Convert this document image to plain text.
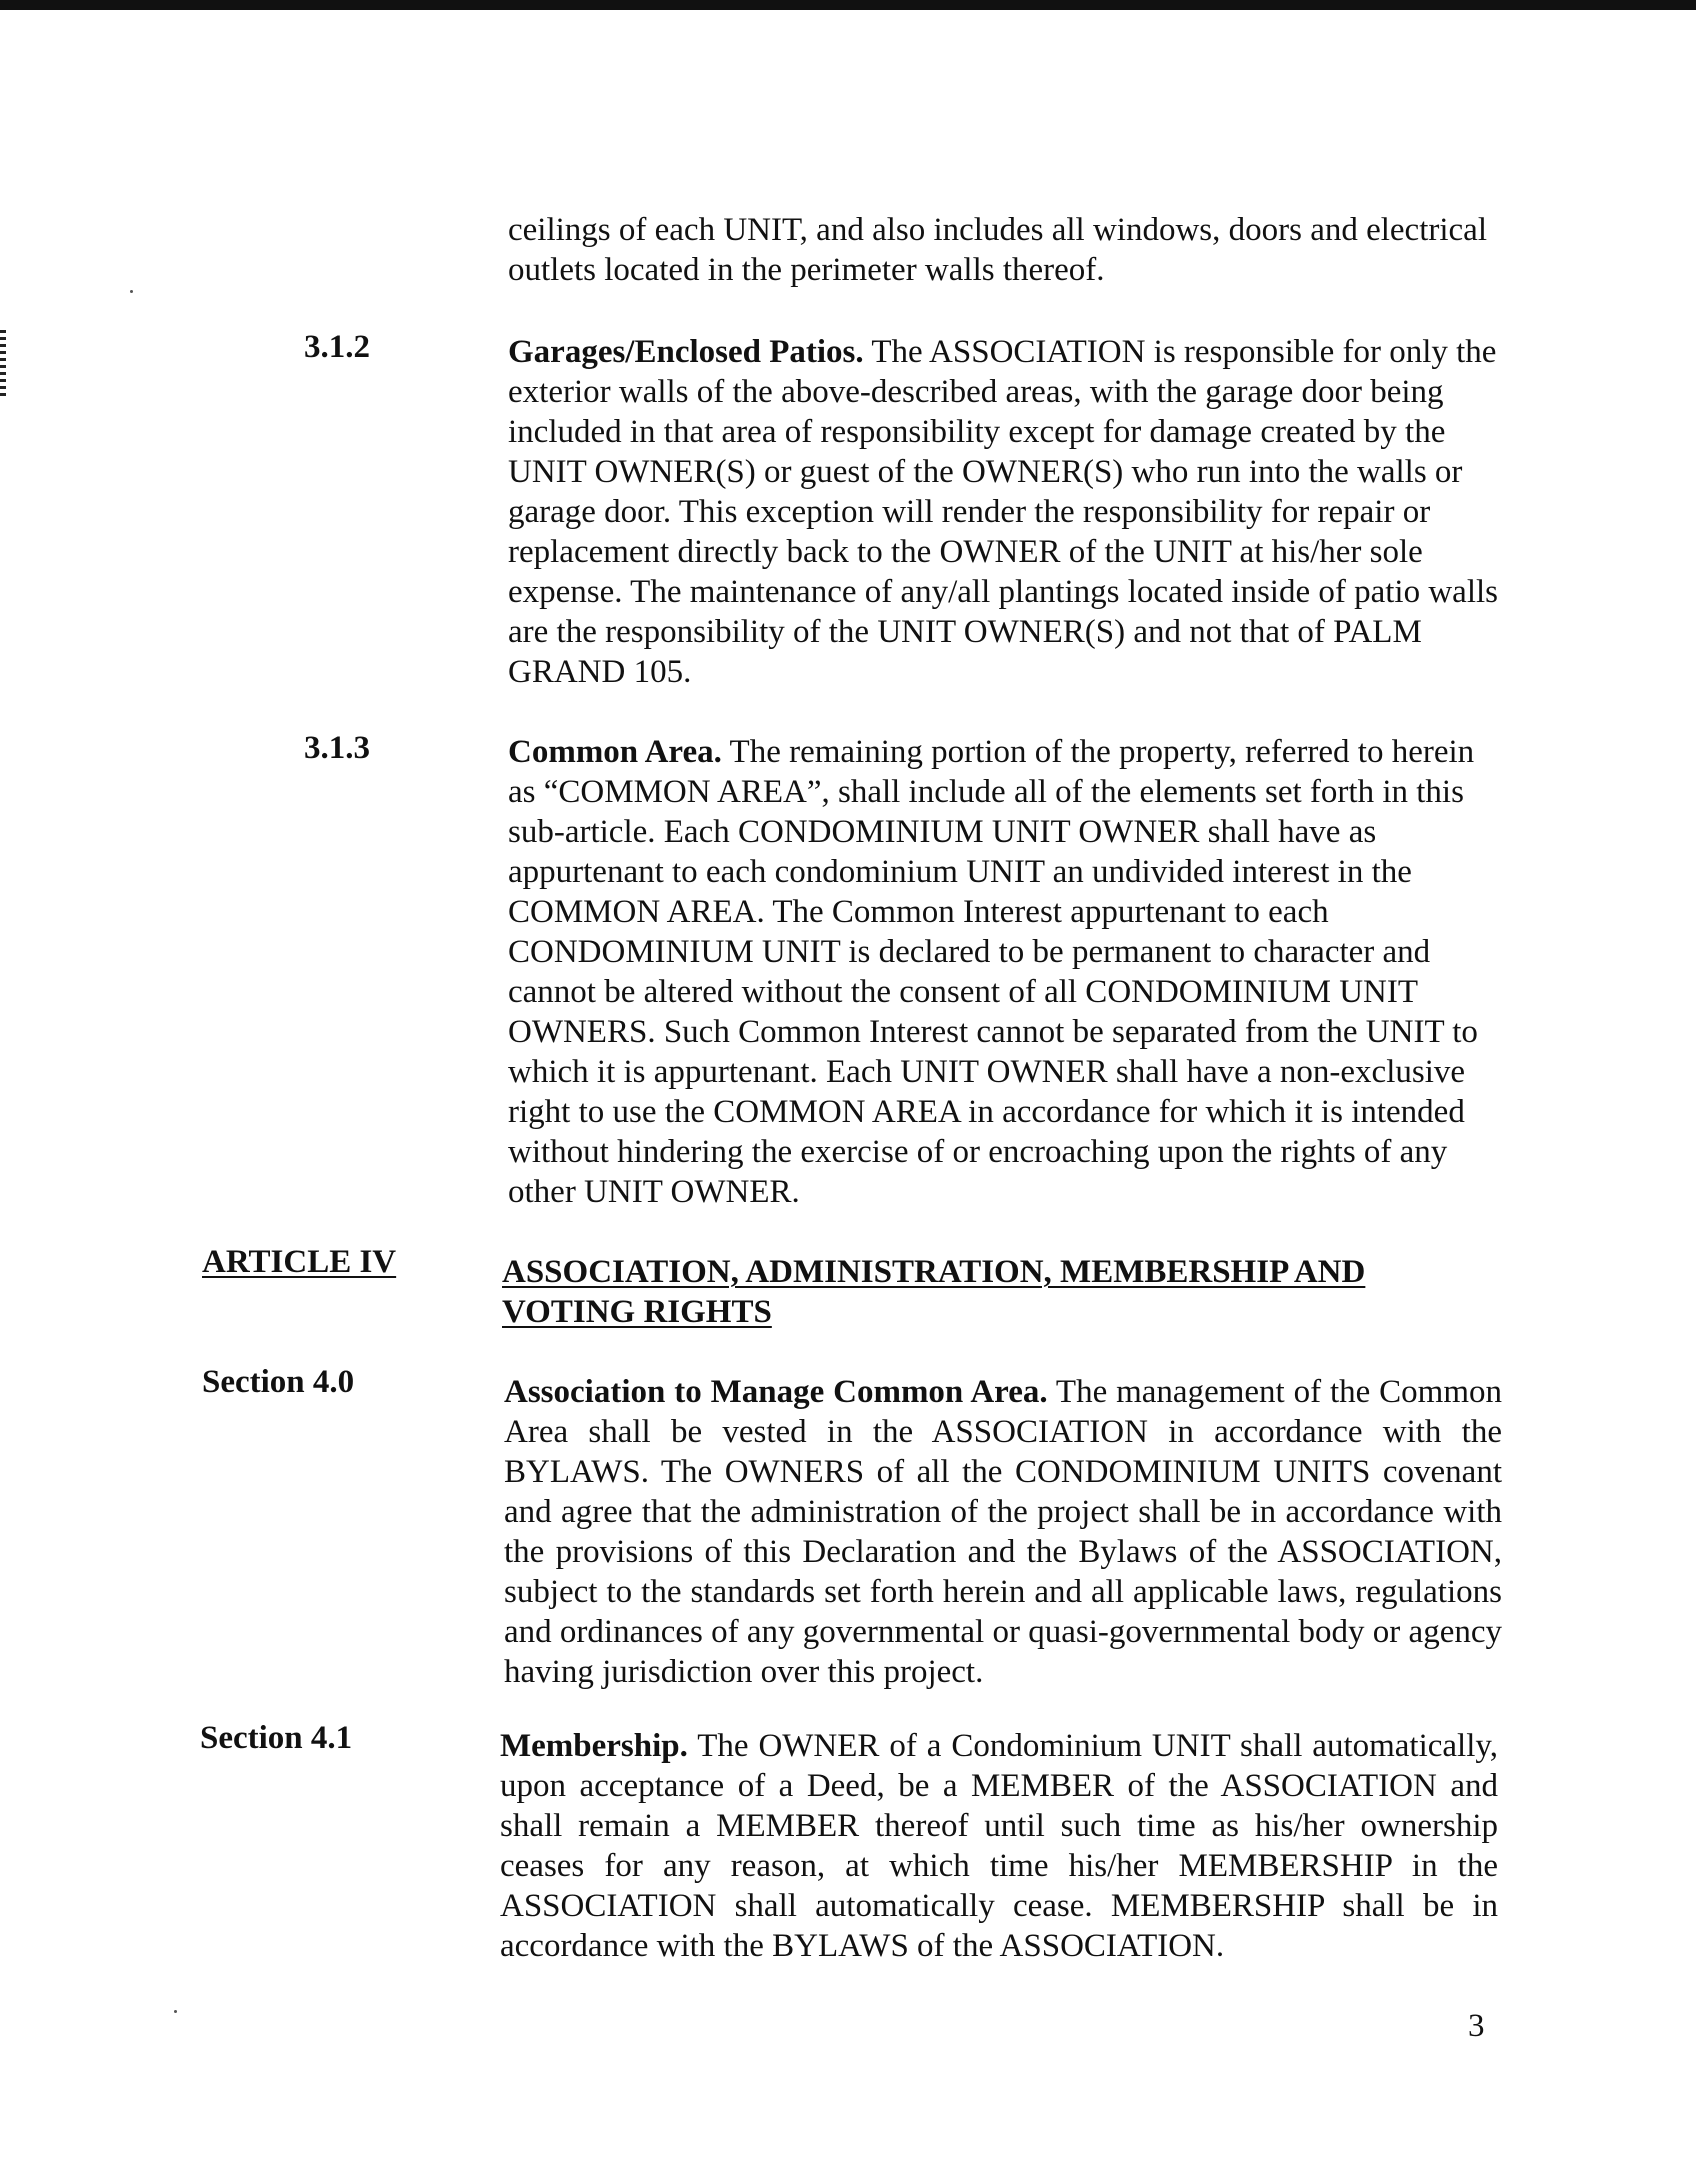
ceilings of each UNIT, and also includes all windows, doors and electrical outlets located in the perimeter walls thereof.

3.1.2	Garages/Enclosed Patios. The ASSOCIATION is responsible for only the exterior walls of the above-described areas, with the garage door being included in that area of responsibility except for damage created by the UNIT OWNER(S) or guest of the OWNER(S) who run into the walls or garage door. This exception will render the responsibility for repair or replacement directly back to the OWNER of the UNIT at his/her sole expense. The maintenance of any/all plantings located inside of patio walls are the responsibility of the UNIT OWNER(S) and not that of PALM GRAND 105.

3.1.3	Common Area. The remaining portion of the property, referred to herein as “COMMON AREA”, shall include all of the elements set forth in this sub-article. Each CONDOMINIUM UNIT OWNER shall have as appurtenant to each condominium UNIT an undivided interest in the COMMON AREA. The Common Interest appurtenant to each CONDOMINIUM UNIT is declared to be permanent to character and cannot be altered without the consent of all CONDOMINIUM UNIT OWNERS. Such Common Interest cannot be separated from the UNIT to which it is appurtenant. Each UNIT OWNER shall have a non-exclusive right to use the COMMON AREA in accordance for which it is intended without hindering the exercise of or encroaching upon the rights of any other UNIT OWNER.

ARTICLE IV	ASSOCIATION, ADMINISTRATION, MEMBERSHIP AND VOTING RIGHTS

Section 4.0	Association to Manage Common Area. The management of the Common Area shall be vested in the ASSOCIATION in accordance with the BYLAWS. The OWNERS of all the CONDOMINIUM UNITS covenant and agree that the administration of the project shall be in accordance with the provisions of this Declaration and the Bylaws of the ASSOCIATION, subject to the standards set forth herein and all applicable laws, regulations and ordinances of any governmental or quasi-governmental body or agency having jurisdiction over this project.

Section 4.1	Membership. The OWNER of a Condominium UNIT shall automatically, upon acceptance of a Deed, be a MEMBER of the ASSOCIATION and shall remain a MEMBER thereof until such time as his/her ownership ceases for any reason, at which time his/her MEMBERSHIP in the ASSOCIATION shall automatically cease. MEMBERSHIP shall be in accordance with the BYLAWS of the ASSOCIATION.

3
